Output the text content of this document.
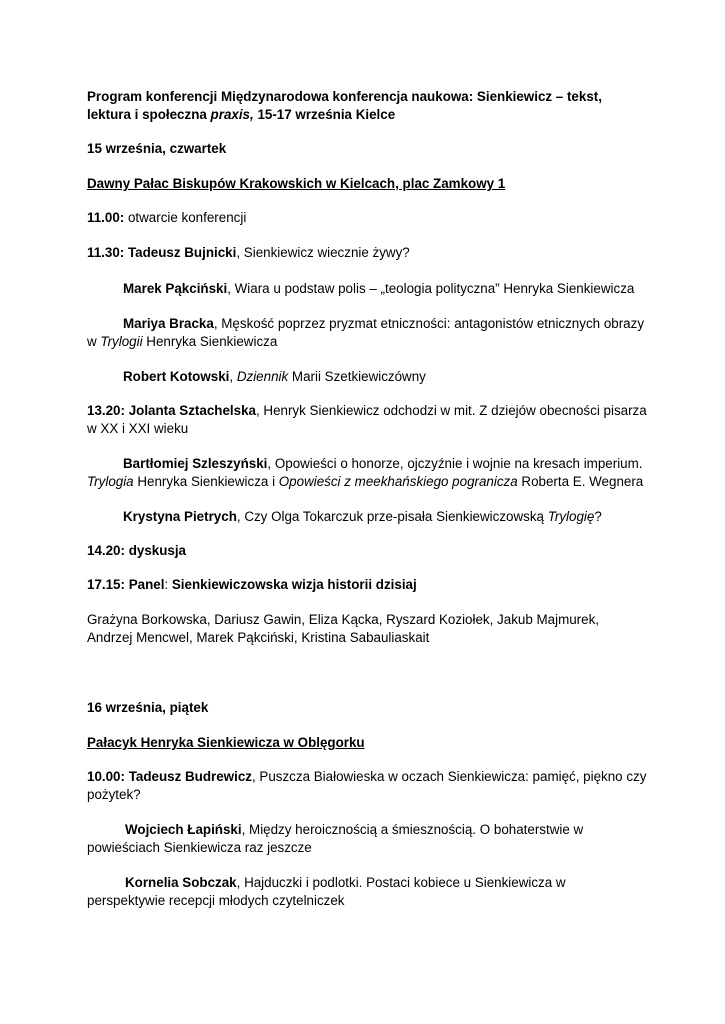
Program konferencji Międzynarodowa konferencja naukowa: Sienkiewicz – tekst, lektura i społeczna praxis, 15-17 września Kielce

15 września, czwartek

Dawny Pałac Biskupów Krakowskich w Kielcach, plac Zamkowy 1

11.00: otwarcie konferencji

11.30: Tadeusz Bujnicki, Sienkiewicz wiecznie żywy?

Marek Pąkciński, Wiara u podstaw polis – „teologia polityczna” Henryka Sienkiewicza

Mariya Bracka, Męskość poprzez pryzmat etniczności: antagonistów etnicznych obrazy w Trylogii Henryka Sienkiewicza

Robert Kotowski, Dziennik Marii Szetkiewiczówny

13.20: Jolanta Sztachelska, Henryk Sienkiewicz odchodzi w mit. Z dziejów obecności pisarza w XX i XXI wieku

Bartłomiej Szleszyński, Opowieści o honorze, ojczyźnie i wojnie na kresach imperium. Trylogia Henryka Sienkiewicza i Opowieści z meekhańskiego pogranicza Roberta E. Wegnera

Krystyna Pietrych, Czy Olga Tokarczuk prze-pisała Sienkiewiczowską Trylogię?

14.20: dyskusja

17.15: Panel: Sienkiewiczowska wizja historii dzisiaj

Grażyna Borkowska, Dariusz Gawin, Eliza Kącka, Ryszard Koziołek, Jakub Majmurek, Andrzej Mencwel, Marek Pąkciński, Kristina Sabauliaskait

16 września, piątek

Pałacyk Henryka Sienkiewicza w Oblęgorku

10.00: Tadeusz Budrewicz, Puszcza Białowieska w oczach Sienkiewicza: pamięć, piękno czy pożytek?

Wojciech Łapiński, Między heroicznością a śmiesznością. O bohaterstwie w powieściach Sienkiewicza raz jeszcze

Kornelia Sobczak, Hajduczki i podlotki. Postaci kobiece u Sienkiewicza w perspektywie recepcji młodych czytelniczek
